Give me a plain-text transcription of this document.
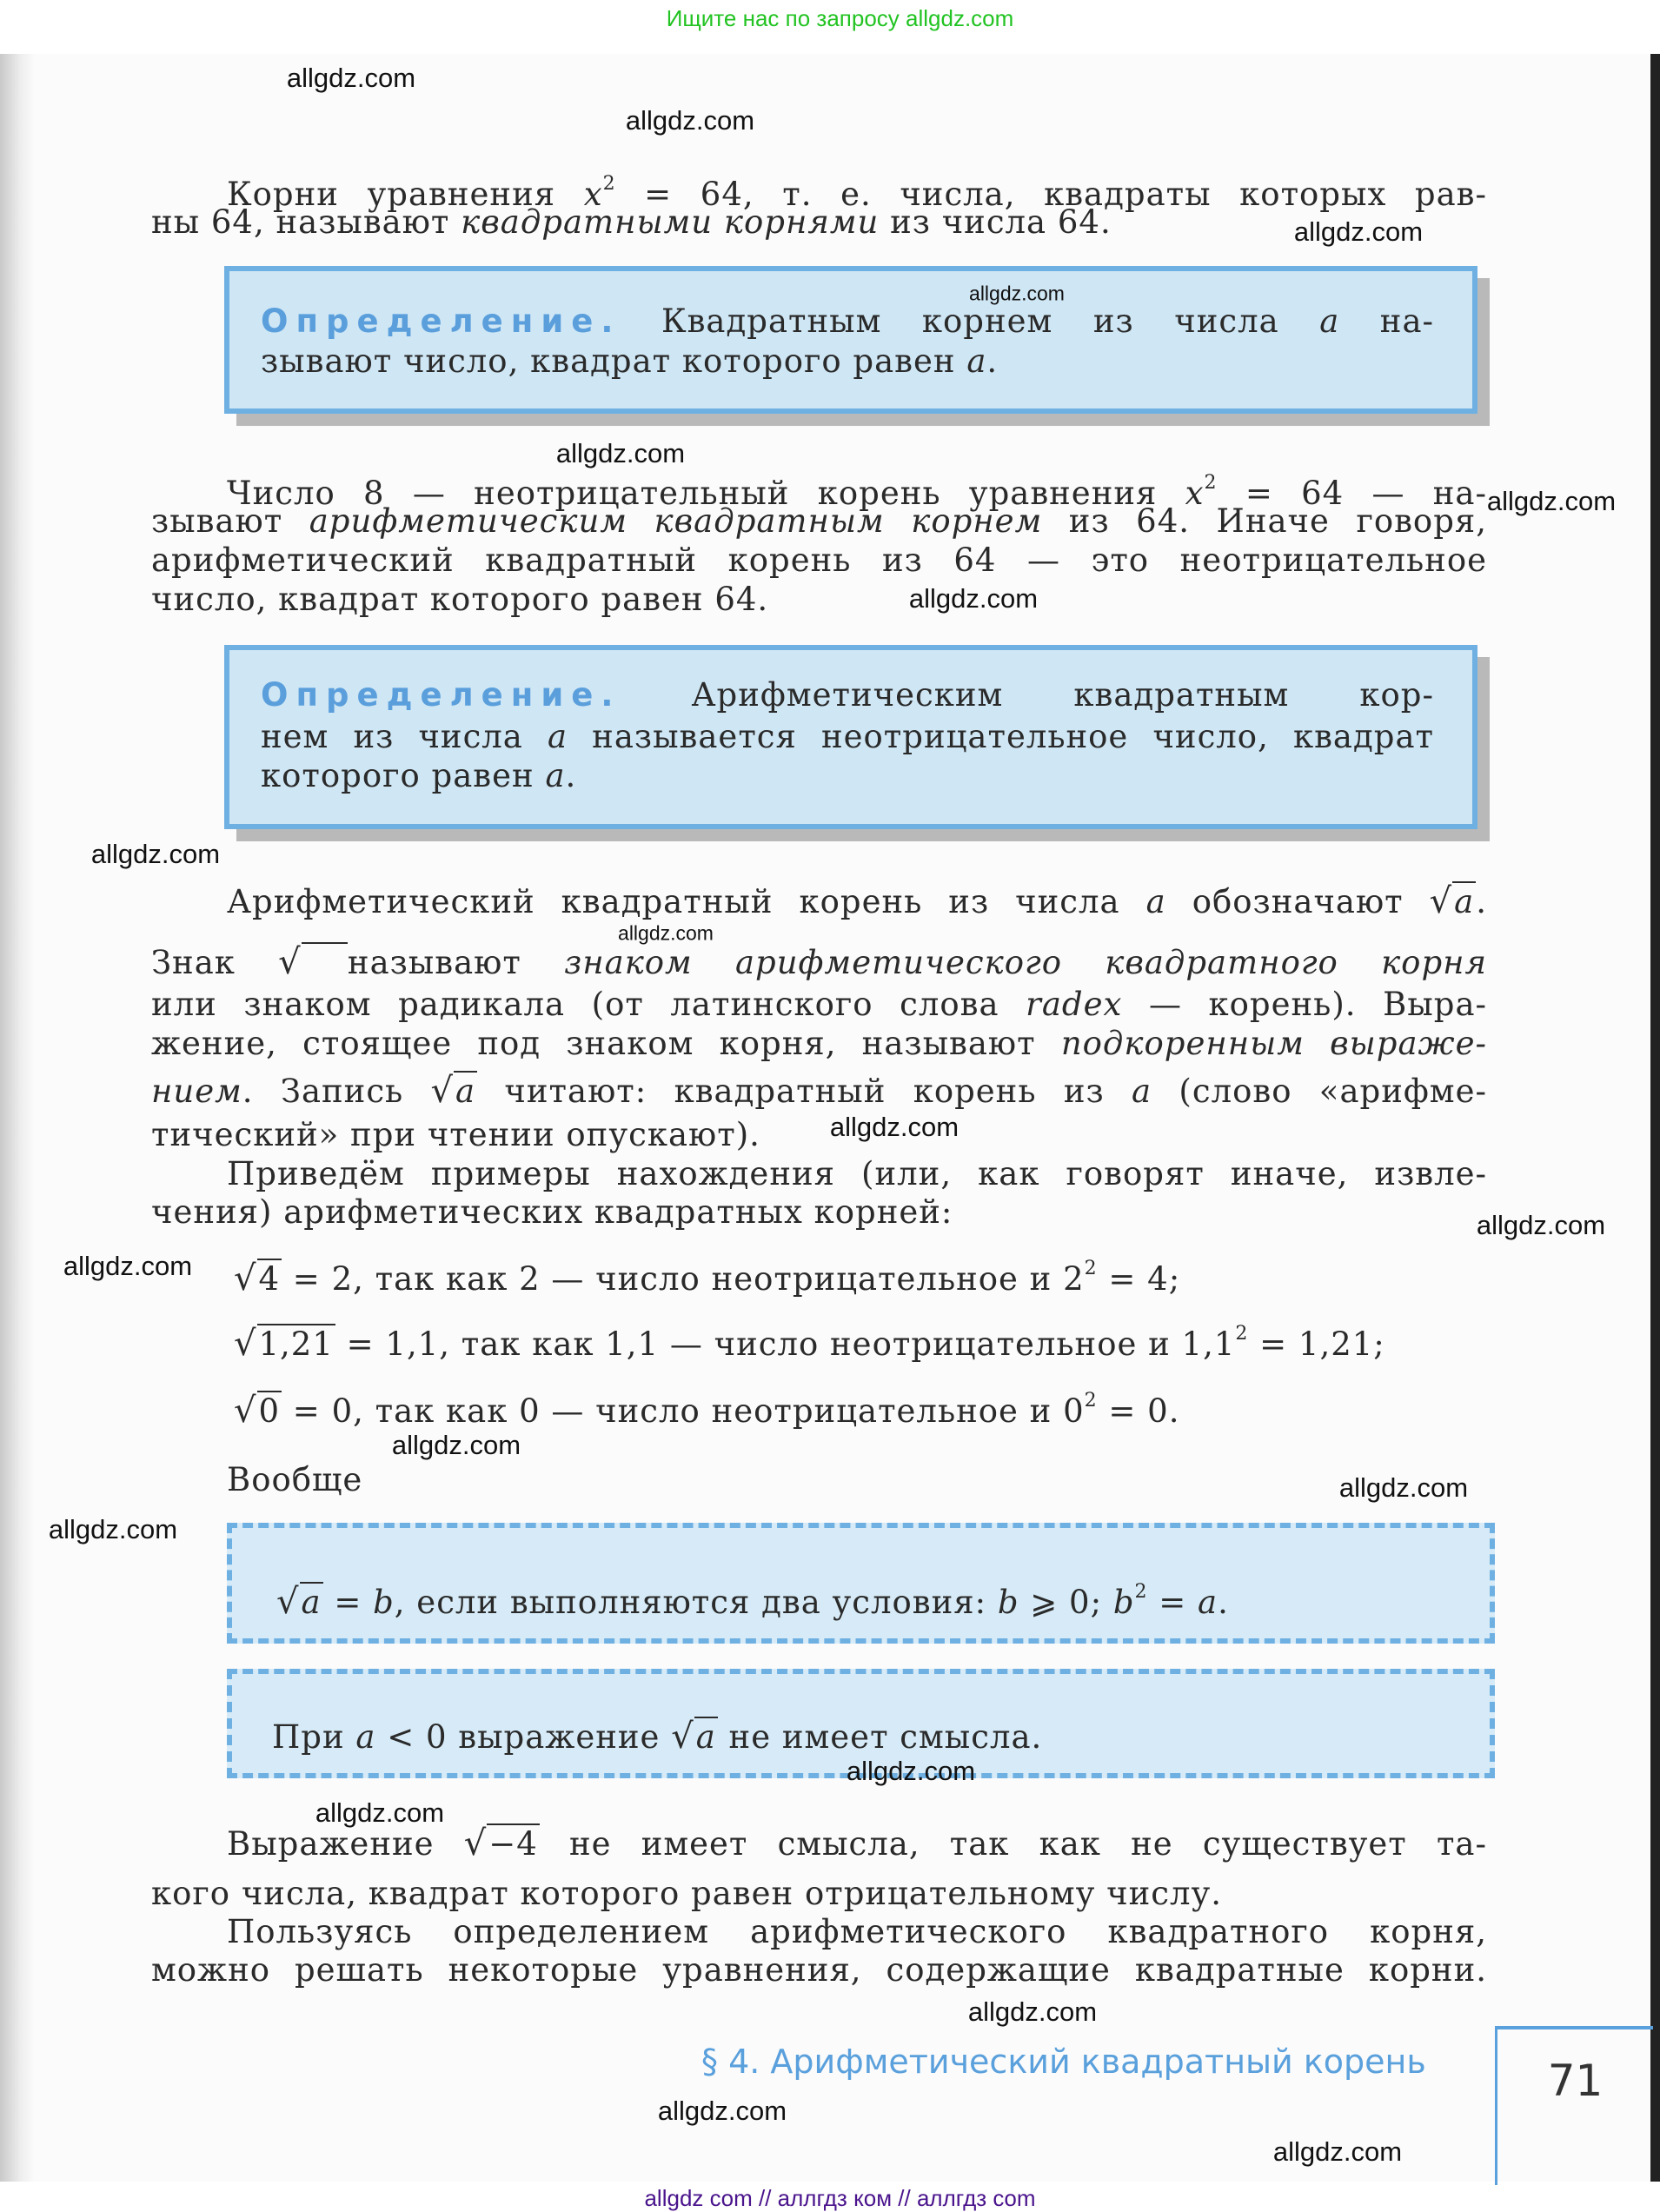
Ищите нас по запросу allgdz.com
Корни уравнения $x^2 = 64$, т. е. числа, квадраты которых рав-
ны 64, называют квадратными корнями из числа 64.
Определение. Квадратным корнем из числа a на-
зывают число, квадрат которого равен a.
Число 8 — неотрицательный корень уравнения $x^2 = 64$ — на-
зывают арифметическим квадратным корнем из 64. Иначе говоря,
арифметический квадратный корень из 64 — это неотрицательное
число, квадрат которого равен 64.
Определение. Арифметическим квадратным кор-
нем из числа a называется неотрицательное число, квадрат
которого равен a.
Арифметический квадратный корень из числа a обозначают √a.
Знак √ называют знаком арифметического квадратного корня
или знаком радикала (от латинского слова radex — корень). Выра-
жение, стоящее под знаком корня, называют подкоренным выраже-
нием. Запись √a читают: квадратный корень из a (слово «арифме-
тический» при чтении опускают).
Приведём примеры нахождения (или, как говорят иначе, извле-
чения) арифметических квадратных корней:
√4 = 2, так как 2 — число неотрицательное и $2^2 = 4$;
√1,21 = 1,1, так как 1,1 — число неотрицательное и $1,1^2 = 1,21$;
√0 = 0, так как 0 — число неотрицательное и $0^2 = 0$.
Вообще
√a = b, если выполняются два условия: b ⩾ 0; $b^2 = a$.
При a < 0 выражение √a не имеет смысла.
Выражение √−4 не имеет смысла, так как не существует та-
кого числа, квадрат которого равен отрицательному числу.
Пользуясь определением арифметического квадратного корня,
можно решать некоторые уравнения, содержащие квадратные корни.
§ 4. Арифметический квадратный корень	71
allgdz.com
allgdz.com
allgdz.com
allgdz.com
allgdz.com
allgdz.com
allgdz.com
allgdz.com
allgdz.com
allgdz.com
allgdz.com
allgdz.com
allgdz.com
allgdz.com
allgdz.com
allgdz.com
allgdz.com
allgdz.com
allgdz.com
allgdz.com
allgdz com // аллгдз ком // аллгдз com
